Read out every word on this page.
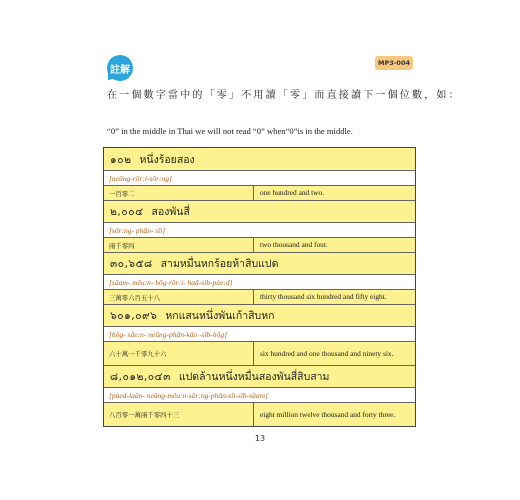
註解
MP3-004
在一個數字當中的「零」不用讀「零」而直接讀下一個位數，如：
“0” in the middle in Thai we will not read “0” when“0”is in the middle.
๑๐๒ หนึ่งร้อยสอง
[neūng-rōr:i-sōr:ng]
一百零二	one hundred and two.
๒,๐๐๔ สองพันสี่
[sōr:ng- phān- sīi]
兩千零四	two thousand and four.
๓๐,๖๕๘ สามหมื่นหกร้อยห้าสิบแปด
[sāam- mēu:n- hōg-rōr:i- haā-sib-pàe:d]
三萬零六百五十八	thirty thousand six hundred and fifty eight.
๖๐๑,๐๙๖ หกแสนหนึ่งพันเก้าสิบหก
[hōg- sǎe:n- neūng-phān-kâo -sīb-hōg]
六十萬一千零九十六	six hundred and one thousand and ninety six.
๘,๐๑๒,๐๔๓ แปดล้านหนึ่งหมื่นสองพันสี่สิบสาม
[pàed-laān- neūng-mēu:n-sōr:ng-phān-sīi-sīb-sǎam]
八百零一萬兩千零四十三	eight million twelve thousand and forty three.
13
